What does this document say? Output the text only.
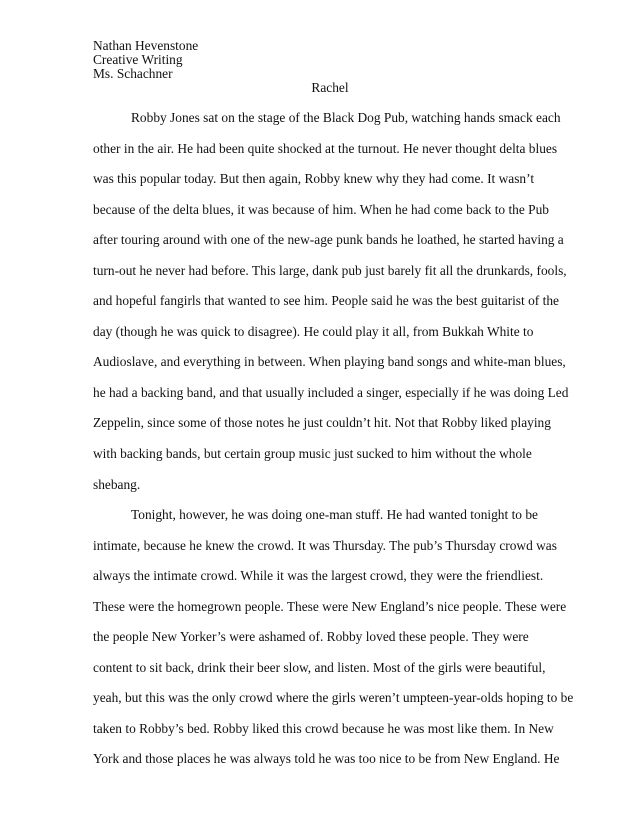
Nathan Hevenstone
Creative Writing
Ms. Schachner
Rachel
Robby Jones sat on the stage of the Black Dog Pub, watching hands smack each
other in the air. He had been quite shocked at the turnout. He never thought delta blues
was this popular today. But then again, Robby knew why they had come. It wasn’t
because of the delta blues, it was because of him. When he had come back to the Pub
after touring around with one of the new-age punk bands he loathed, he started having a
turn-out he never had before. This large, dank pub just barely fit all the drunkards, fools,
and hopeful fangirls that wanted to see him. People said he was the best guitarist of the
day (though he was quick to disagree). He could play it all, from Bukkah White to
Audioslave, and everything in between. When playing band songs and white-man blues,
he had a backing band, and that usually included a singer, especially if he was doing Led
Zeppelin, since some of those notes he just couldn’t hit. Not that Robby liked playing
with backing bands, but certain group music just sucked to him without the whole
shebang.
Tonight, however, he was doing one-man stuff. He had wanted tonight to be
intimate, because he knew the crowd. It was Thursday. The pub’s Thursday crowd was
always the intimate crowd. While it was the largest crowd, they were the friendliest.
These were the homegrown people. These were New England’s nice people. These were
the people New Yorker’s were ashamed of. Robby loved these people. They were
content to sit back, drink their beer slow, and listen. Most of the girls were beautiful,
yeah, but this was the only crowd where the girls weren’t umpteen-year-olds hoping to be
taken to Robby’s bed. Robby liked this crowd because he was most like them. In New
York and those places he was always told he was too nice to be from New England. He
